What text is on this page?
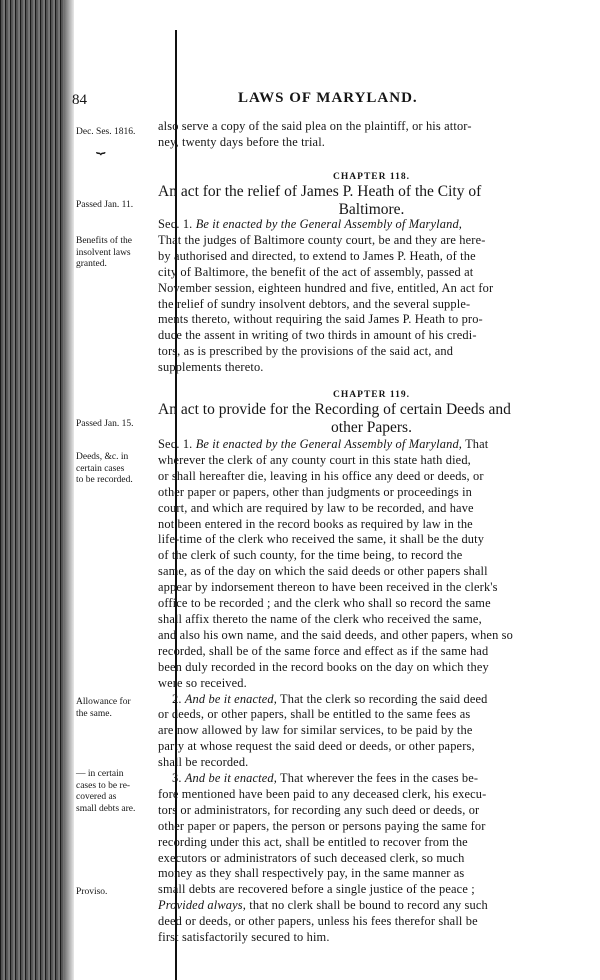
84	LAWS OF MARYLAND.
Dec. Ses. 1816.
⏟
Passed Jan. 11.
Benefits of the
insolvent laws
granted.
Passed Jan. 15.
Deeds, &c. in
certain cases
to be recorded.
Allowance for
the same.
— in certain
cases to be re-
covered as
small debts are.
Proviso.
also serve a copy of the said plea on the plaintiff, or his attor-
ney, twenty days before the trial.
CHAPTER 118.
An act for the relief of James P. Heath of the City of
Baltimore.
Sec. 1. Be it enacted by the General Assembly of Maryland,
That the judges of Baltimore county court, be and they are here-
by authorised and directed, to extend to James P. Heath, of the
city of Baltimore, the benefit of the act of assembly, passed at
November session, eighteen hundred and five, entitled, An act for
the relief of sundry insolvent debtors, and the several supple-
ments thereto, without requiring the said James P. Heath to pro-
duce the assent in writing of two thirds in amount of his credi-
tors, as is prescribed by the provisions of the said act, and
supplements thereto.
CHAPTER 119.
An act to provide for the Recording of certain Deeds and
other Papers.
Sec. 1. Be it enacted by the General Assembly of Maryland, That
wherever the clerk of any county court in this state hath died,
or shall hereafter die, leaving in his office any deed or deeds, or
other paper or papers, other than judgments or proceedings in
court, and which are required by law to be recorded, and have
not been entered in the record books as required by law in the
life-time of the clerk who received the same, it shall be the duty
of the clerk of such county, for the time being, to record the
same, as of the day on which the said deeds or other papers shall
appear by indorsement thereon to have been received in the clerk's
office to be recorded ; and the clerk who shall so record the same
shall affix thereto the name of the clerk who received the same,
and also his own name, and the said deeds, and other papers, when so
recorded, shall be of the same force and effect as if the same had
been duly recorded in the record books on the day on which they
were so received.
2. And be it enacted, That the clerk so recording the said deed
or deeds, or other papers, shall be entitled to the same fees as
are now allowed by law for similar services, to be paid by the
party at whose request the said deed or deeds, or other papers,
shall be recorded.
3. And be it enacted, That wherever the fees in the cases be-
fore mentioned have been paid to any deceased clerk, his execu-
tors or administrators, for recording any such deed or deeds, or
other paper or papers, the person or persons paying the same for
recording under this act, shall be entitled to recover from the
executors or administrators of such deceased clerk, so much
money as they shall respectively pay, in the same manner as
small debts are recovered before a single justice of the peace ;
Provided always, that no clerk shall be bound to record any such
deed or deeds, or other papers, unless his fees therefor shall be
first satisfactorily secured to him.
